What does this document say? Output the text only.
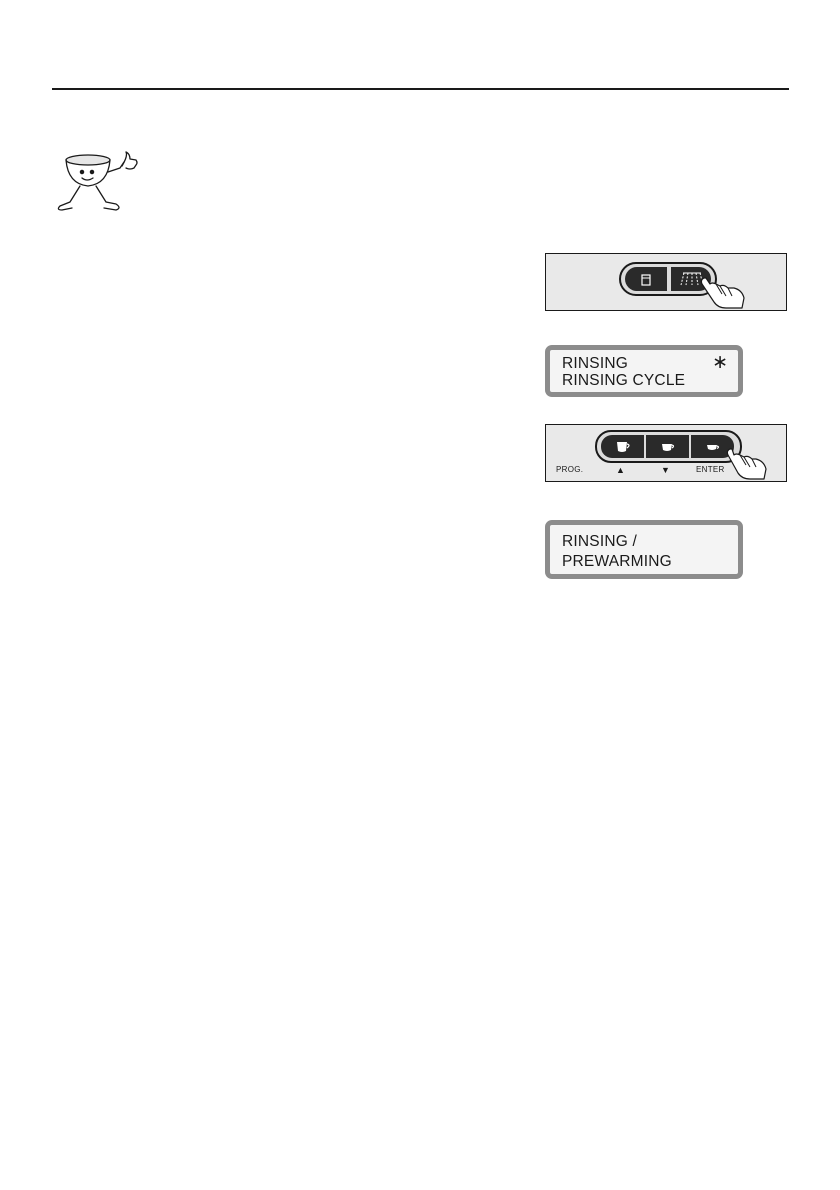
RINSING
RINSING CYCLE
∗
PROG.	▲	▼	ENTER
RINSING /
PREWARMING
